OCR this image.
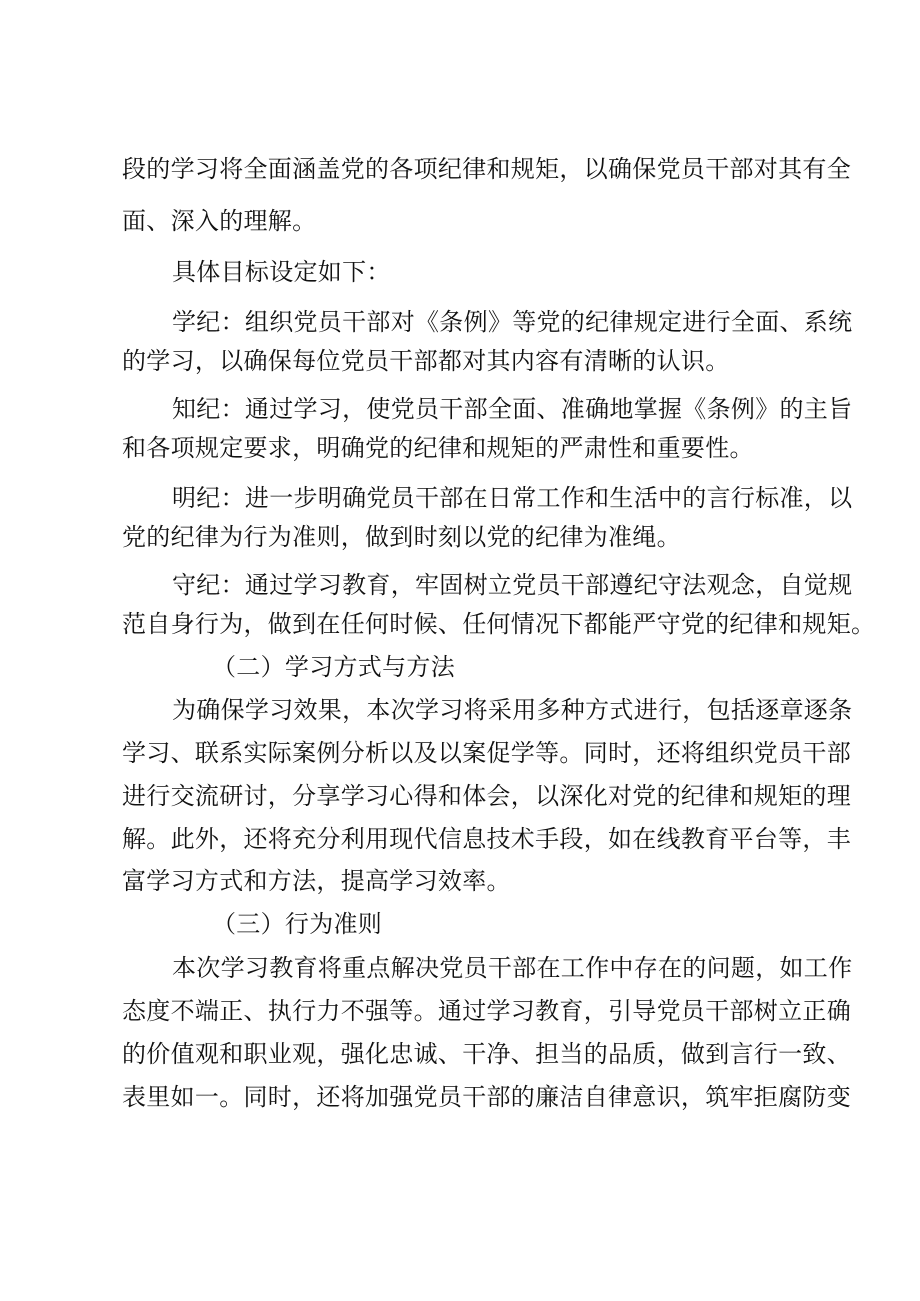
段的学习将全面涵盖党的各项纪律和规矩，以确保党员干部对其有全
面、深入的理解。
具体目标设定如下：
学纪：组织党员干部对《条例》等党的纪律规定进行全面、系统
的学习，以确保每位党员干部都对其内容有清晰的认识。
知纪：通过学习，使党员干部全面、准确地掌握《条例》的主旨
和各项规定要求，明确党的纪律和规矩的严肃性和重要性。
明纪：进一步明确党员干部在日常工作和生活中的言行标准，以
党的纪律为行为准则，做到时刻以党的纪律为准绳。
守纪：通过学习教育，牢固树立党员干部遵纪守法观念，自觉规
范自身行为，做到在任何时候、任何情况下都能严守党的纪律和规矩。
（二）学习方式与方法
为确保学习效果，本次学习将采用多种方式进行，包括逐章逐条
学习、联系实际案例分析以及以案促学等。同时，还将组织党员干部
进行交流研讨，分享学习心得和体会，以深化对党的纪律和规矩的理
解。此外，还将充分利用现代信息技术手段，如在线教育平台等，丰
富学习方式和方法，提高学习效率。
（三）行为准则
本次学习教育将重点解决党员干部在工作中存在的问题，如工作
态度不端正、执行力不强等。通过学习教育，引导党员干部树立正确
的价值观和职业观，强化忠诚、干净、担当的品质，做到言行一致、
表里如一。同时，还将加强党员干部的廉洁自律意识，筑牢拒腐防变
